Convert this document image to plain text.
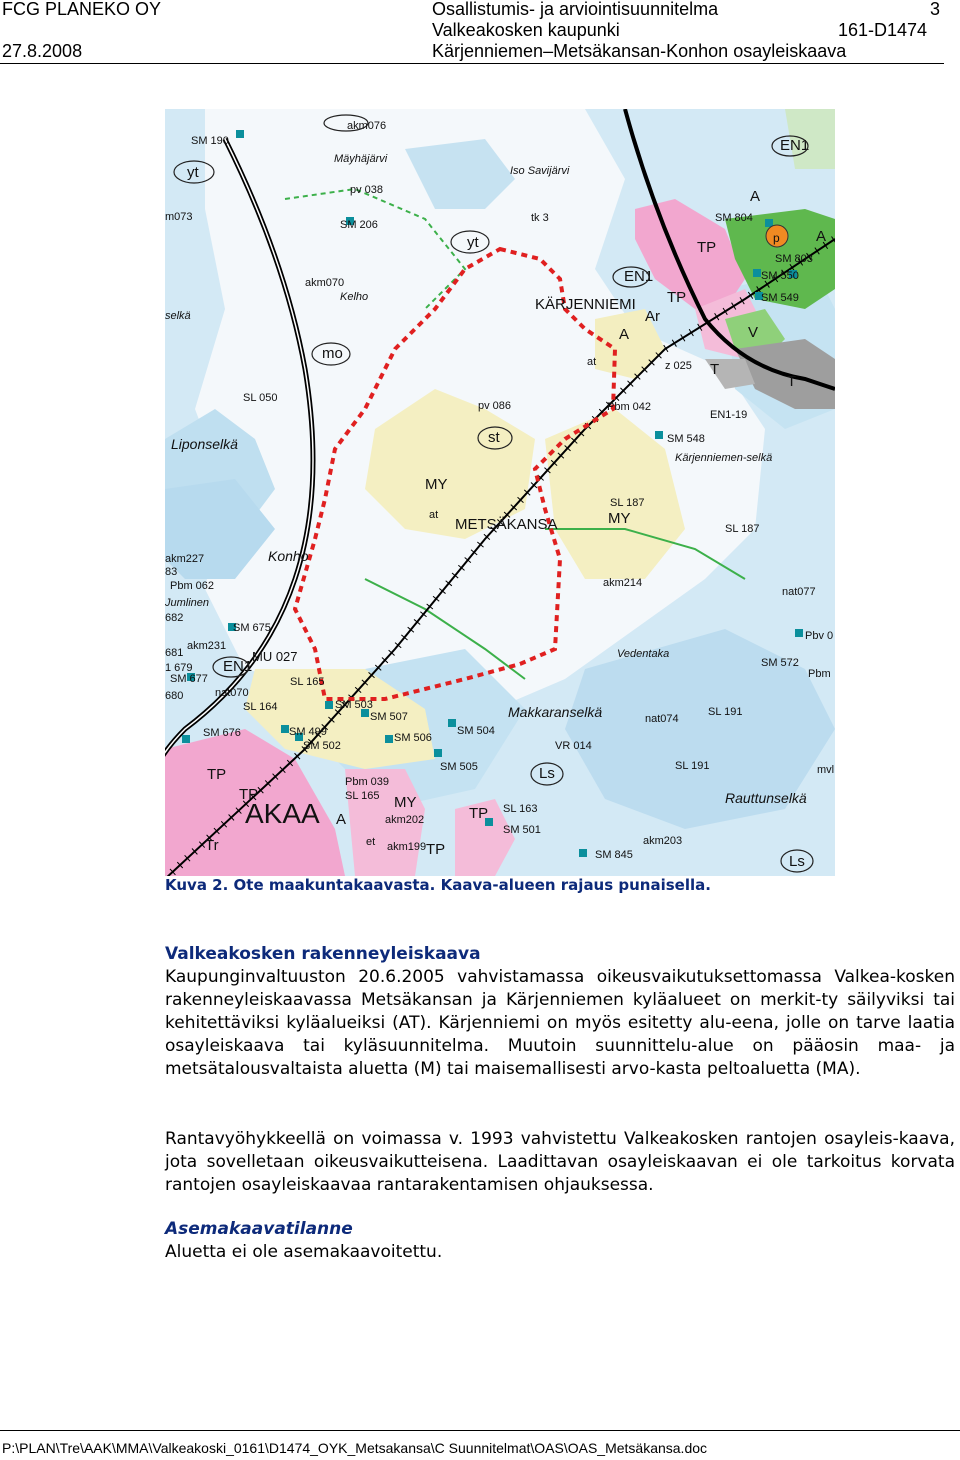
FCG PLANEKO OY
27.8.2008
Osallistumis- ja arviointisuunnitelma
Valkeakosken kaupunki
Kärjenniemen–Metsäkansan-Konhon osayleiskaava
161-D1474
3
SM 190
akm076
Mäyhäjärvi
Iso Savijärvi
pv 038
SM 206
m073	tk 3	SM 804
SM 803
SM 550
SM 549
akm070
Kelho
selkä
z 025
SL 050
pv 086	Pbm 042
EN1-19
SM 548
Kärjenniemen-selkä
SL 187
SL 187
akm227
83
Pbm 062
Jumlinen
682
akm214
nat077
SM 675
akm231
681
1 679
SM 677
680
SL 165
nat070
SL 164
Pbv 0
SM 572
Pbm
Vedentaka
SM 503
SM 507	nat074
SL 191
SM 676	SM 499
SM 502
SM 506
SM 504
VR 014
SM 505	SL 191	mvl
Pbm 039
SL 165
SL 163
akm202
SM 501
akm203
akm199
SM 845
KÄRJENNIEMI
METSÄKANSA
MY
MY
MY
TP
TP
TP
TP
TP
TP
EN1
EN1
EN1
A
A
A
A
T
T
V
Ar
yt
yt
mo
st
Ls
Ls
Tr
p
MU 027
at
at
et
Liponselkä
Konho
Makkaranselkä
Rauttunselkä
AKAA
Kuva 2. Ote maakuntakaavasta. Kaava-alueen rajaus punaisella.
Valkeakosken rakenneyleiskaava

Kaupunginvaltuuston 20.6.2005 vahvistamassa oikeusvaikutuksettomassa Valkea-kosken rakenneyleiskaavassa Metsäkansan ja Kärjenniemen kyläalueet on merkit-ty säilyviksi tai kehitettäviksi kyläalueiksi (AT). Kärjenniemi on myös esitetty alu-eena, jolle on tarve laatia osayleiskaava tai kyläsuunnitelma. Muutoin suunnittelu-alue on pääosin maa- ja metsätalousvaltaista aluetta (M) tai maisemallisesti arvo-kasta peltoaluetta (MA).

Rantavyöhykkeellä on voimassa v. 1993 vahvistettu Valkeakosken rantojen osayleis-kaava, jota sovelletaan oikeusvaikutteisena. Laadittavan osayleiskaavan ei ole tarkoitus korvata rantojen osayleiskaavaa rantarakentamisen ohjauksessa.

Asemakaavatilanne
Aluetta ei ole asemakaavoitettu.
P:\PLAN\Tre\AAK\MMA\Valkeakoski_0161\D1474_OYK_Metsakansa\C Suunnitelmat\OAS\OAS_Metsäkansa.doc
